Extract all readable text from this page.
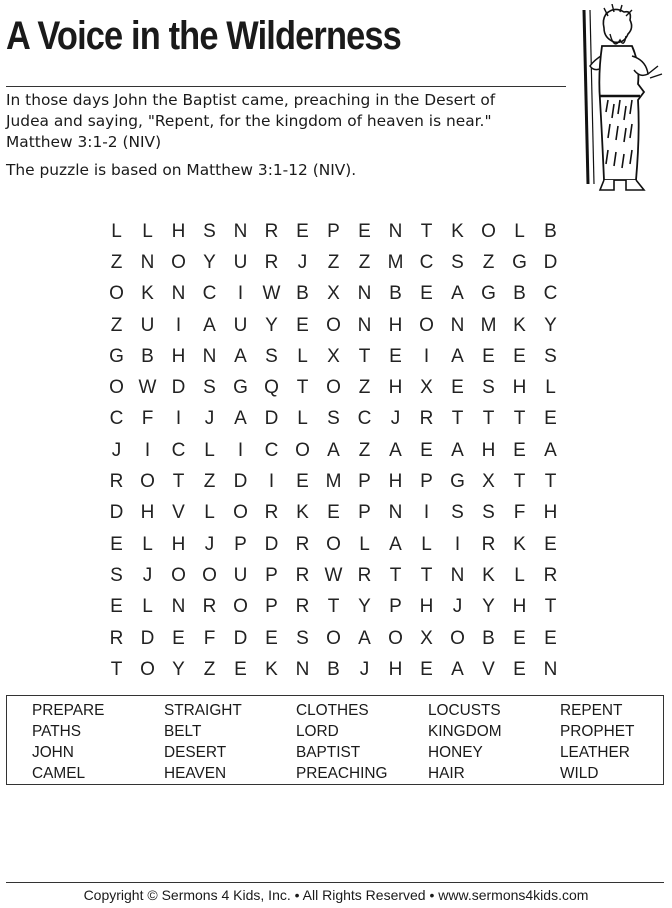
A Voice in the Wilderness

In those days John the Baptist came, preaching in the Desert of

Judea and saying, "Repent, for the kingdom of heaven is near."

Matthew 3:1-2 (NIV)

The puzzle is based on Matthew 3:1-12 (NIV).
L	L H S N R E P E N T K O L	B
Z N O Y U R	J	Z	Z M C S Z G D
O K N C	I	W B X N B E A G B C
Z U	I	A U Y E O N H O N M K Y
G B H N A S	L	X T E	I	A E E S
O W D S G Q T O Z H X E S H L
C F	I	J	A D L	S C	J	R T	T	T E
J	I	C L	I	C O A Z A E A H E A
R O T	Z D	I	E M P H P G X T	T
D H V	L O R K E P N	I	S S F H
E	L H	J	P D R O L	A	L	I	R K E
S	J O O U P R W R T	T N K	L R
E	L N R O P R T Y P H	J	Y H T
R D E F D E S O A O X O B E E
T O Y Z E K N B	J	H E A V E N
PREPARE	STRAIGHT	CLOTHES	LOCUSTS	REPENT
PATHS	BELT	LORD	KINGDOM	PROPHET
JOHN	DESERT	BAPTIST	HONEY	LEATHER
CAMEL	HEAVEN	PREACHING	HAIR	WILD
Copyright © Sermons 4 Kids, Inc. • All Rights Reserved • www.sermons4kids.com
